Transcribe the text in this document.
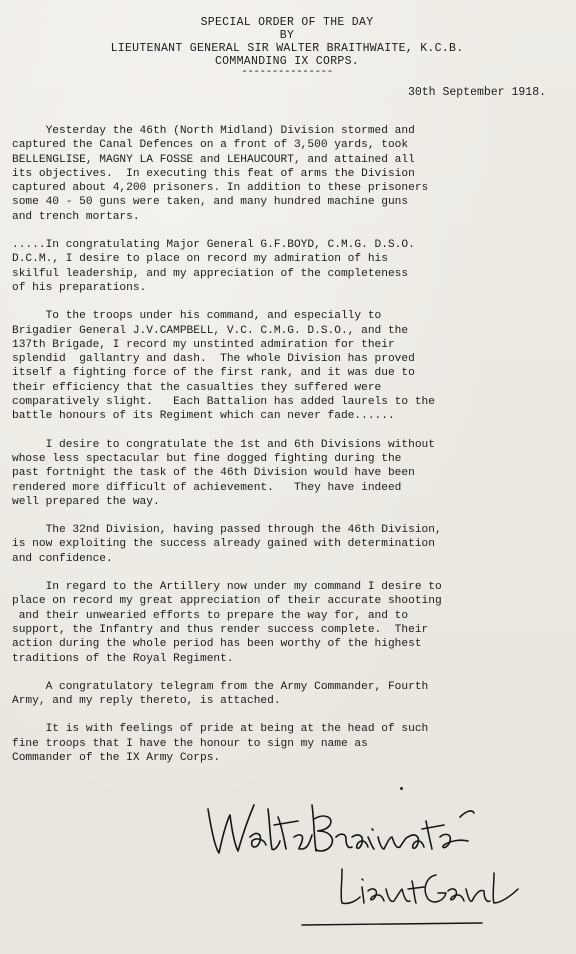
SPECIAL ORDER OF THE DAY
BY
LIEUTENANT GENERAL SIR WALTER BRAITHWAITE, K.C.B.
COMMANDING IX CORPS.
---------------
30th September 1918.
Yesterday the 46th (North Midland) Division stormed and
captured the Canal Defences on a front of 3,500 yards, took
BELLENGLISE, MAGNY LA FOSSE and LEHAUCOURT, and attained all
its objectives.  In executing this feat of arms the Division
captured about 4,200 prisoners. In addition to these prisoners
some 40 - 50 guns were taken, and many hundred machine guns
and trench mortars.
.....In congratulating Major General G.F.BOYD, C.M.G. D.S.O.
D.C.M., I desire to place on record my admiration of his
skilful leadership, and my appreciation of the completeness
of his preparations.
To the troops under his command, and especially to
Brigadier General J.V.CAMPBELL, V.C. C.M.G. D.S.O., and the
137th Brigade, I record my unstinted admiration for their
splendid  gallantry and dash.  The whole Division has proved
itself a fighting force of the first rank, and it was due to
their efficiency that the casualties they suffered were
comparatively slight.   Each Battalion has added laurels to the
battle honours of its Regiment which can never fade......
I desire to congratulate the 1st and 6th Divisions without
whose less spectacular but fine dogged fighting during the
past fortnight the task of the 46th Division would have been
rendered more difficult of achievement.   They have indeed
well prepared the way.
The 32nd Division, having passed through the 46th Division,
is now exploiting the success already gained with determination
and confidence.
In regard to the Artillery now under my command I desire to
place on record my great appreciation of their accurate shooting
and their unwearied efforts to prepare the way for, and to
support, the Infantry and thus render success complete.  Their
action during the whole period has been worthy of the highest
traditions of the Royal Regiment.
A congratulatory telegram from the Army Commander, Fourth
Army, and my reply thereto, is attached.
It is with feelings of pride at being at the head of such
fine troops that I have the honour to sign my name as
Commander of the IX Army Corps.
